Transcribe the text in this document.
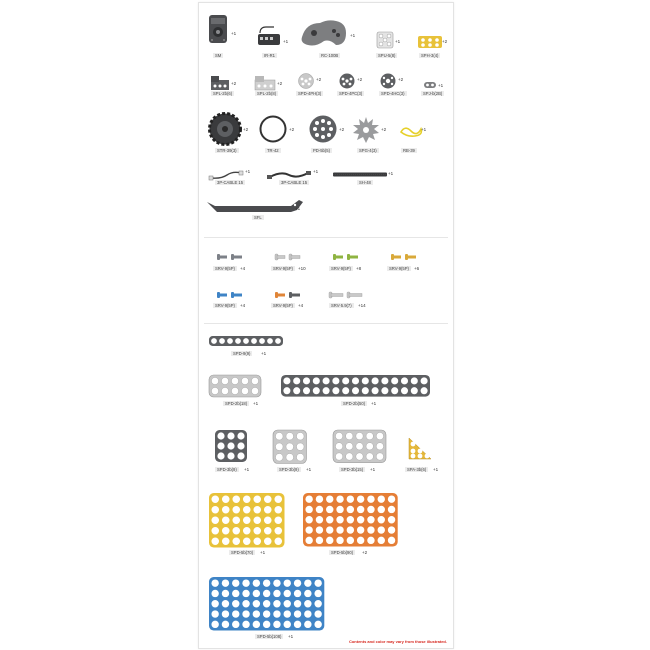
+1
SM
+1
IR-R1
+1
RC-100B
+1
SPU-5(8)
+2
SPH-3(4)
+2
SPL-2b(6)
+2
SPL-2b(8)
+2
SPD-4PH(3)
+2
SPD-4PC(3)
+2
SPD-4HC(3)
+1
SPJ-b(2B)
+2
STR-39(3)
+2
TR-42
+2
PD-5b(5)
+2
SPG-4(3)
+1
RB-39
+1
3P-CABLE 15
+1
3P-CABLE 15
+1
SH-48
+1
SFL
SRV-9(5P)	+4	SRV-9(5P)	+10	SRV-9(5P)	+8	SRV-9(5P)	+6
SRV-9(5P)	+4	SRV-9(5P)	+4	SRV-5.9(7)	+14
SPD-9(9)	+1
SPD-2b(18)	+1	SPD-2b(50)	+1
SPD-3b(9)	+1	SPD-3b(9)	+1	SPD-3b(15)	+1	SPA-3b(6)	+1
SPD-5b(70)	+1	SPD-5b(90)	+2
SPD-5b(108)	+1
Contents and color may vary from those illustrated.
